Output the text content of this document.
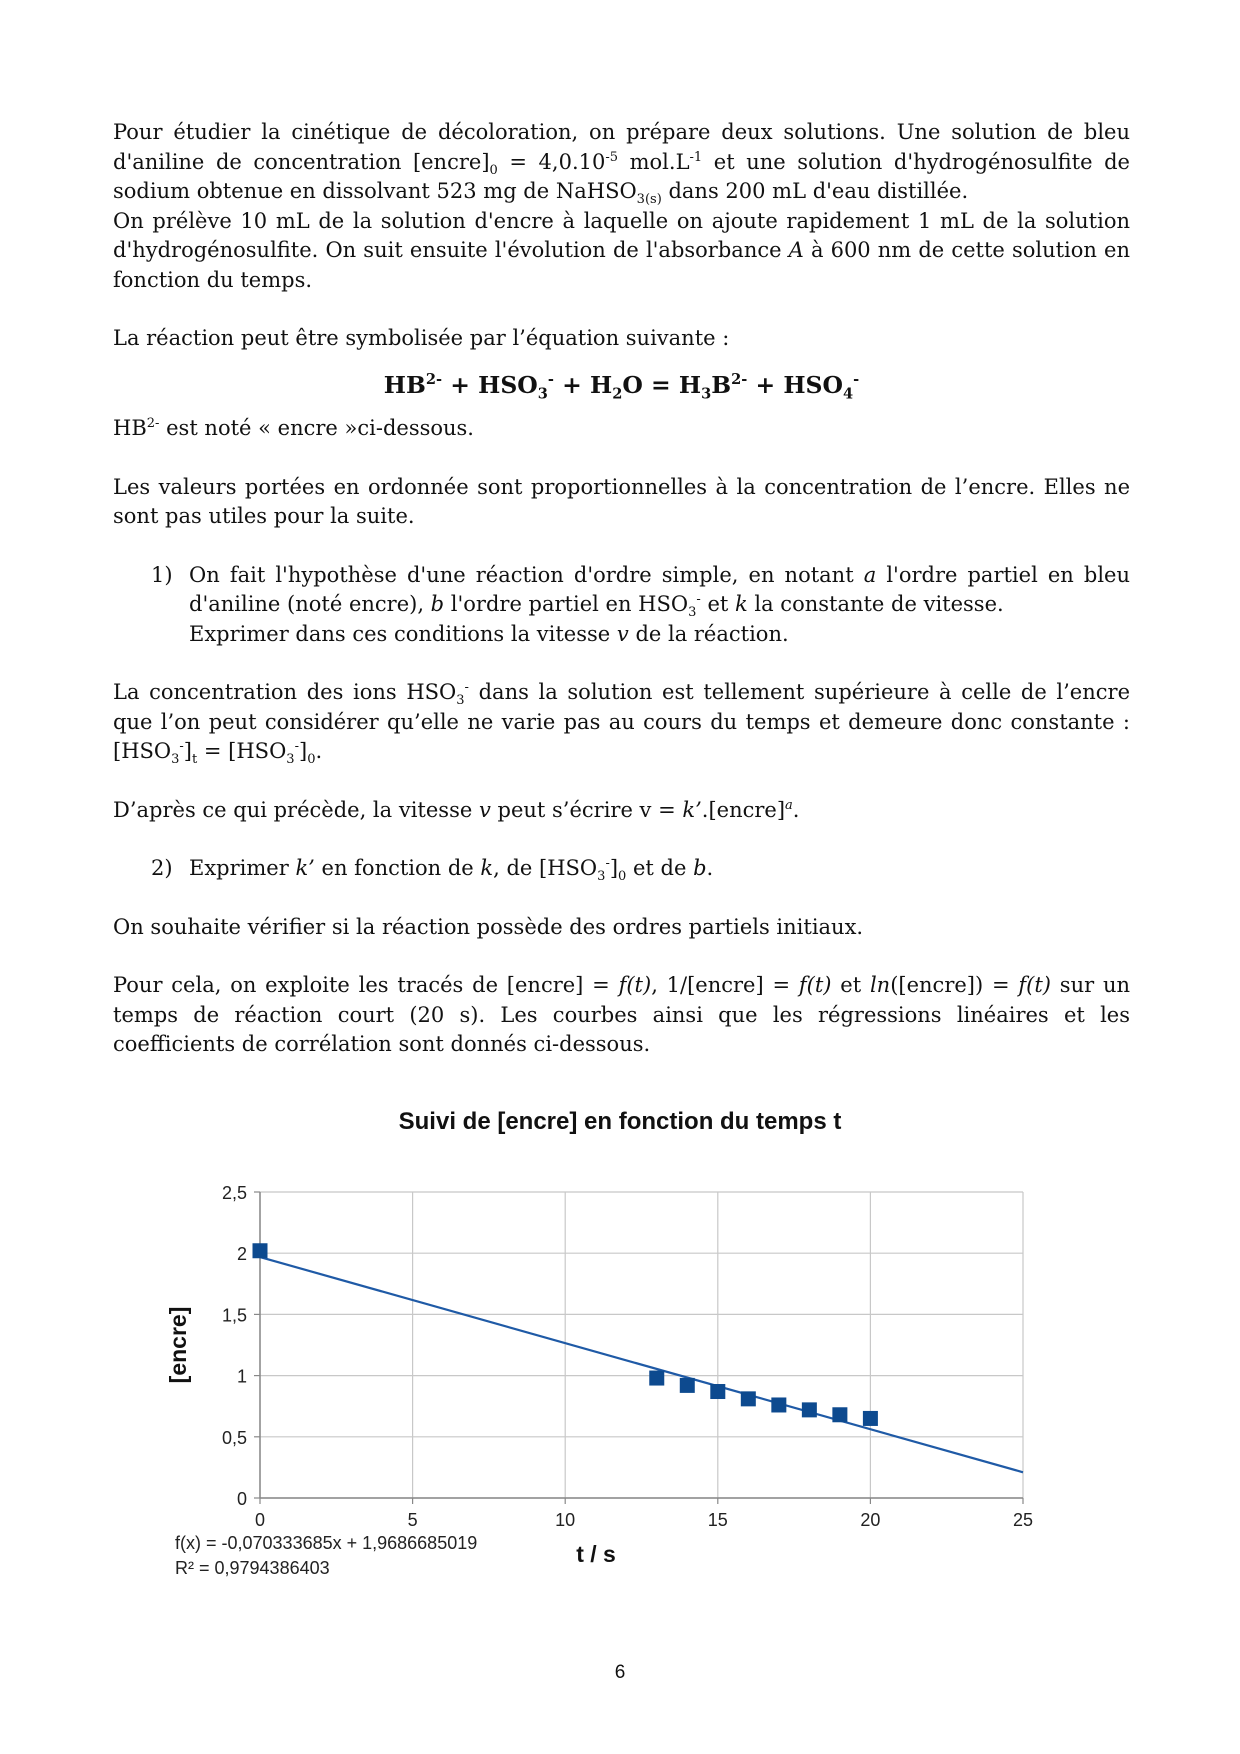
Pour étudier la cinétique de décoloration, on prépare deux solutions. Une solution de bleu d'aniline de concentration $[encre]_0 = 4,0.10^{-5}$ $mol.L^{-1}$ et une solution d'hydrogénosulfite de sodium obtenue en dissolvant 523 mg de NaHSO$_{3(s)}$ dans 200 mL d'eau distillée.

On prélève 10 mL de la solution d'encre à laquelle on ajoute rapidement 1 mL de la solution d'hydrogénosulfite. On suit ensuite l'évolution de l'absorbance A à 600 nm de cette solution en fonction du temps.

La réaction peut être symbolisée par l’équation suivante :

$HB^{2-} + HSO_3^- + H_2O = H_3B^{2-} + HSO_4^-$

$HB^{2-}$ est noté « encre »ci-dessous.

Les valeurs portées en ordonnée sont proportionnelles à la concentration de l’encre. Elles ne sont pas utiles pour la suite.

1) On fait l'hypothèse d'une réaction d'ordre simple, en notant a l'ordre partiel en bleu d'aniline (noté encre), b l'ordre partiel en $HSO_3^-$ et k la constante de vitesse.
Exprimer dans ces conditions la vitesse v de la réaction.

La concentration des ions $HSO_3^-$ dans la solution est tellement supérieure à celle de l’encre que l’on peut considérer qu’elle ne varie pas au cours du temps et demeure donc constante : $[HSO_3^-]_t = [HSO_3^-]_0$.

D’après ce qui précède, la vitesse v peut s’écrire v = k’.[encre]$^a$.

2) Exprimer k’ en fonction de k, de $[HSO_3^-]_0$ et de b.

On souhaite vérifier si la réaction possède des ordres partiels initiaux.

Pour cela, on exploite les tracés de [encre] = f(t), 1/[encre] = f(t) et ln([encre]) = f(t) sur un temps de réaction court (20 s). Les courbes ainsi que les régressions linéaires et les coefficients de corrélation sont donnés ci-dessous.

Suivi de [encre] en fonction du temps t
0	5	10	15	20	25
0
0,5
1
1,5
2
2,5
[encre]
t / s
f(x) = -0,070333685x + 1,9686685019
R² = 0,9794386403
6
